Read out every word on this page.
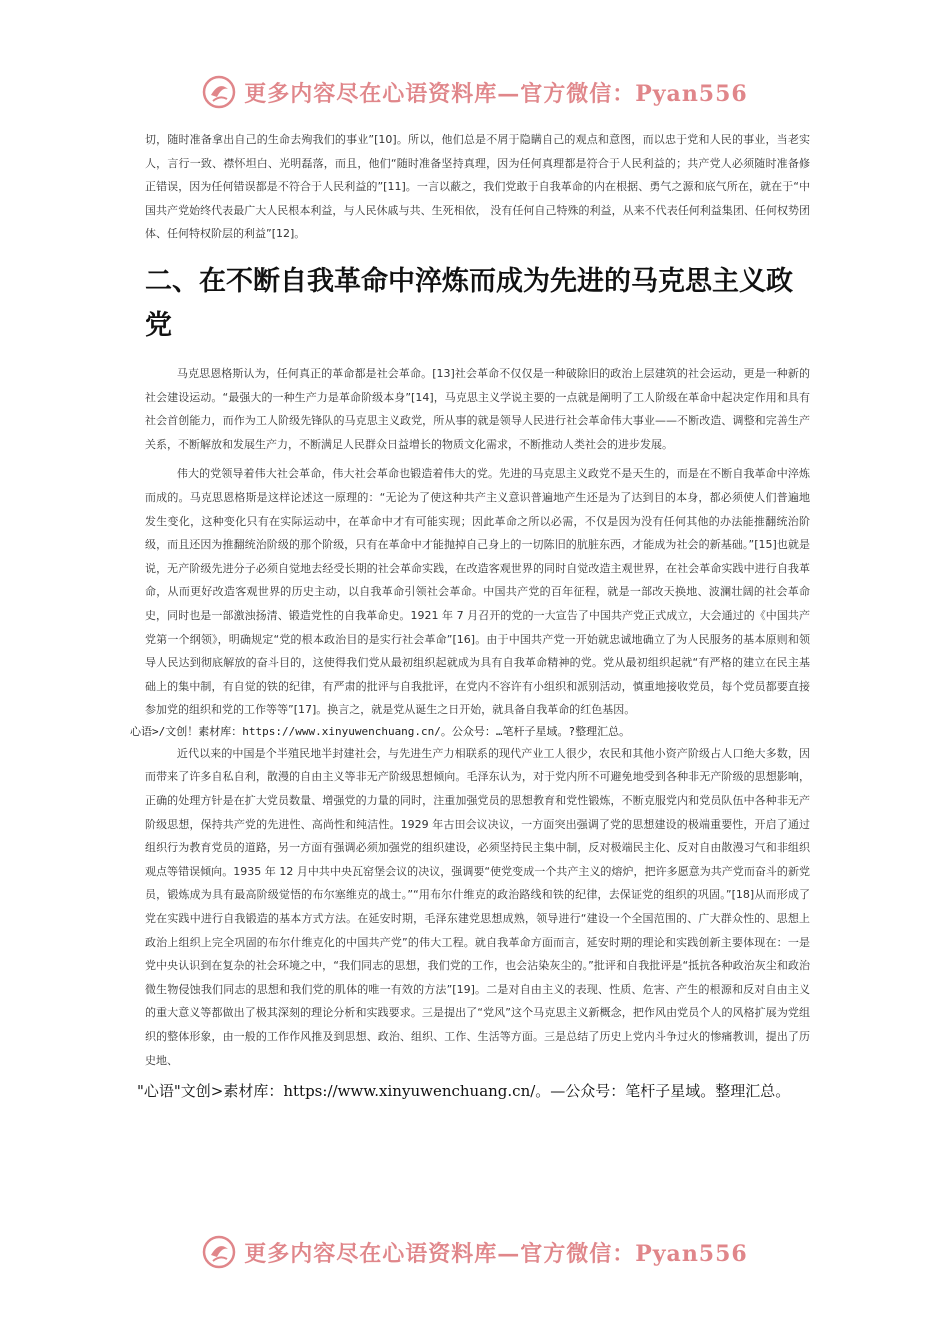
更多内容尽在心语资料库—官方微信：Pyan556

切，随时准备拿出自己的生命去殉我们的事业”[10]。所以，他们总是不屑于隐瞒自己的观点和意图，而以忠于党和人民的事业，当老实人，言行一致、襟怀坦白、光明磊落，而且，他们“随时准备坚持真理，因为任何真理都是符合于人民利益的；共产党人必须随时准备修正错误，因为任何错误都是不符合于人民利益的”[11]。一言以蔽之，我们党敢于自我革命的内在根据、勇气之源和底气所在，就在于“中国共产党始终代表最广大人民根本利益，与人民休戚与共、生死相依， 没有任何自己特殊的利益，从来不代表任何利益集团、任何权势团体、任何特权阶层的利益”[12]。

二、在不断自我革命中淬炼而成为先进的马克思主义政党

马克思恩格斯认为，任何真正的革命都是社会革命。[13]社会革命不仅仅是一种破除旧的政治上层建筑的社会运动，更是一种新的社会建设运动。“最强大的一种生产力是革命阶级本身”[14]，马克思主义学说主要的一点就是阐明了工人阶级在革命中起决定作用和具有社会首创能力，而作为工人阶级先锋队的马克思主义政党，所从事的就是领导人民进行社会革命伟大事业——不断改造、调整和完善生产关系，不断解放和发展生产力，不断满足人民群众日益增长的物质文化需求，不断推动人类社会的进步发展。

伟大的党领导着伟大社会革命，伟大社会革命也锻造着伟大的党。先进的马克思主义政党不是天生的，而是在不断自我革命中淬炼而成的。马克思恩格斯是这样论述这一原理的：“无论为了使这种共产主义意识普遍地产生还是为了达到目的本身，都必须使人们普遍地发生变化，这种变化只有在实际运动中，在革命中才有可能实现；因此革命之所以必需，不仅是因为没有任何其他的办法能推翻统治阶级，而且还因为推翻统治阶级的那个阶级，只有在革命中才能抛掉自己身上的一切陈旧的肮脏东西，才能成为社会的新基础。”[15]也就是说，无产阶级先进分子必须自觉地去经受长期的社会革命实践，在改造客观世界的同时自觉改造主观世界，在社会革命实践中进行自我革命，从而更好改造客观世界的历史主动，以自我革命引领社会革命。中国共产党的百年征程，就是一部改天换地、波澜壮阔的社会革命史，同时也是一部激浊扬清、锻造党性的自我革命史。1921 年 7 月召开的党的一大宣告了中国共产党正式成立，大会通过的《中国共产党第一个纲领》，明确规定“党的根本政治目的是实行社会革命”[16]。由于中国共产党一开始就忠诚地确立了为人民服务的基本原则和领导人民达到彻底解放的奋斗目的，这使得我们党从最初组织起就成为具有自我革命精神的党。党从最初组织起就“有严格的建立在民主基础上的集中制，有自觉的铁的纪律，有严肃的批评与自我批评，在党内不容许有小组织和派别活动，慎重地接收党员，每个党员都要直接参加党的组织和党的工作等等”[17]。换言之，就是党从诞生之日开始，就具备自我革命的红色基因。

心语>/文创！素材库：https://www.xinyuwenchuang.cn/。公众号：…笔杆子星域。?整理汇总。

近代以来的中国是个半殖民地半封建社会，与先进生产力相联系的现代产业工人很少，农民和其他小资产阶级占人口绝大多数，因而带来了许多自私自利，散漫的自由主义等非无产阶级思想倾向。毛泽东认为，对于党内所不可避免地受到各种非无产阶级的思想影响，正确的处理方针是在扩大党员数量、增强党的力量的同时，注重加强党员的思想教育和党性锻炼，不断克服党内和党员队伍中各种非无产阶级思想，保持共产党的先进性、高尚性和纯洁性。1929 年古田会议决议，一方面突出强调了党的思想建设的极端重要性，开启了通过组织行为教育党员的道路，另一方面有强调必须加强党的组织建设，必须坚持民主集中制，反对极端民主化、反对自由散漫习气和非组织观点等错误倾向。1935 年 12 月中共中央瓦窑堡会议的决议，强调要“使党变成一个共产主义的熔炉，把许多愿意为共产党而奋斗的新党员，锻炼成为具有最高阶级觉悟的布尔塞维克的战士。”“用布尔什维克的政治路线和铁的纪律，去保证党的组织的巩固。”[18]从而形成了党在实践中进行自我锻造的基本方式方法。在延安时期，毛泽东建党思想成熟，领导进行“建设一个全国范围的、广大群众性的、思想上政治上组织上完全巩固的布尔什维克化的中国共产党”的伟大工程。就自我革命方面而言，延安时期的理论和实践创新主要体现在：一是党中央认识到在复杂的社会环境之中，“我们同志的思想，我们党的工作，也会沾染灰尘的。”批评和自我批评是“抵抗各种政治灰尘和政治微生物侵蚀我们同志的思想和我们党的肌体的唯一有效的方法”[19]。二是对自由主义的表现、性质、危害、产生的根源和反对自由主义的重大意义等都做出了极其深刻的理论分析和实践要求。三是提出了“党风”这个马克思主义新概念，把作风由党员个人的风格扩展为党组织的整体形象，由一般的工作作风推及到思想、政治、组织、工作、生活等方面。三是总结了历史上党内斗争过火的惨痛教训，提出了历史地、

"心语"文创>素材库：https://www.xinyuwenchuang.cn/。—公众号：笔杆子星域。整理汇总。
更多内容尽在心语资料库—官方微信：Pyan556
